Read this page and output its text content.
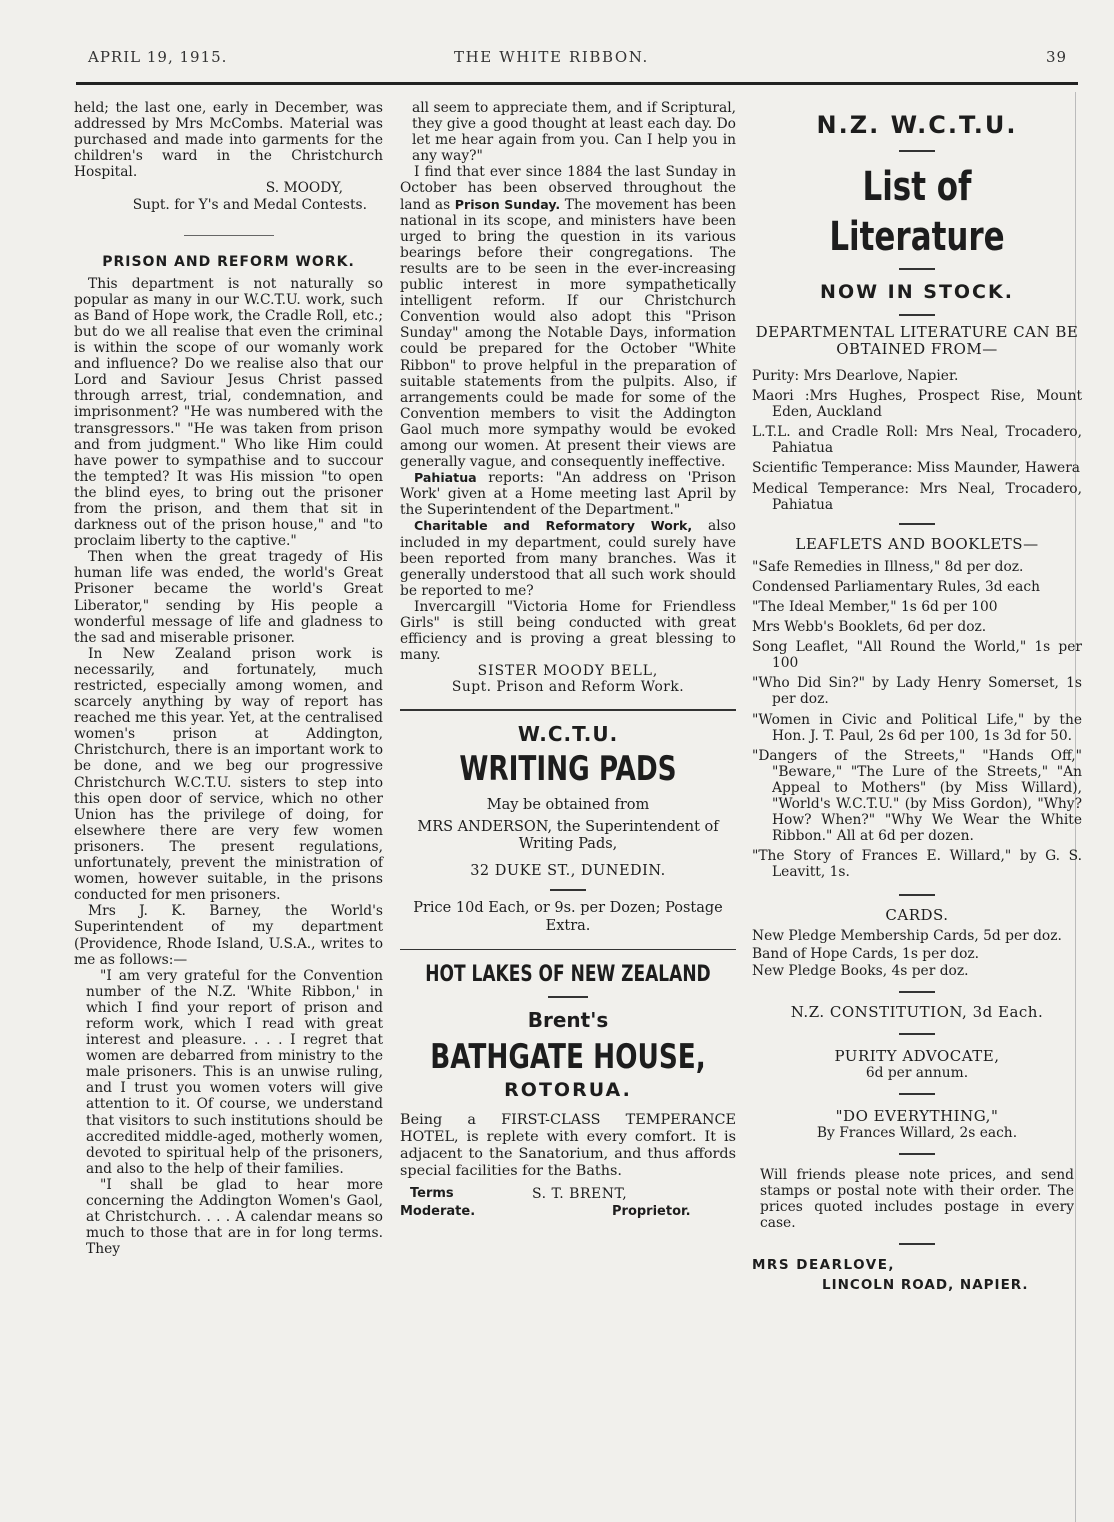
APRIL 19, 1915.	THE WHITE RIBBON.	39

held; the last one, early in December, was addressed by Mrs McCombs. Material was purchased and made into garments for the children's ward in the Christchurch Hospital.

S. MOODY,

Supt. for Y's and Medal Contests.

PRISON AND REFORM WORK.

This department is not naturally so popular as many in our W.C.T.U. work, such as Band of Hope work, the Cradle Roll, etc.; but do we all realise that even the criminal is within the scope of our womanly work and influence? Do we realise also that our Lord and Saviour Jesus Christ passed through arrest, trial, condemnation, and imprisonment? "He was numbered with the transgressors." "He was taken from prison and from judgment." Who like Him could have power to sympathise and to succour the tempted? It was His mission "to open the blind eyes, to bring out the prisoner from the prison, and them that sit in darkness out of the prison house," and "to proclaim liberty to the captive."

Then when the great tragedy of His human life was ended, the world's Great Prisoner became the world's Great Liberator," sending by His people a wonderful message of life and gladness to the sad and miserable prisoner.

In New Zealand prison work is necessarily, and fortunately, much restricted, especially among women, and scarcely anything by way of report has reached me this year. Yet, at the centralised women's prison at Addington, Christchurch, there is an important work to be done, and we beg our progressive Christchurch W.C.T.U. sisters to step into this open door of service, which no other Union has the privilege of doing, for elsewhere there are very few women prisoners. The present regulations, unfortunately, prevent the ministration of women, however suitable, in the prisons conducted for men prisoners.

Mrs J. K. Barney, the World's Superintendent of my department (Providence, Rhode Island, U.S.A., writes to me as follows:—

"I am very grateful for the Convention number of the N.Z. 'White Ribbon,' in which I find your report of prison and reform work, which I read with great interest and pleasure. . . . I regret that women are debarred from ministry to the male prisoners. This is an unwise ruling, and I trust you women voters will give attention to it. Of course, we understand that visitors to such institutions should be accredited middle-aged, motherly women, devoted to spiritual help of the prisoners, and also to the help of their families.

"I shall be glad to hear more concerning the Addington Women's Gaol, at Christchurch. . . . A calendar means so much to those that are in for long terms. They

all seem to appreciate them, and if Scriptural, they give a good thought at least each day. Do let me hear again from you. Can I help you in any way?"

I find that ever since 1884 the last Sunday in October has been observed throughout the land as Prison Sunday. The movement has been national in its scope, and ministers have been urged to bring the question in its various bearings before their congregations. The results are to be seen in the ever-increasing public interest in more sympathetically intelligent reform. If our Christchurch Convention would also adopt this "Prison Sunday" among the Notable Days, information could be prepared for the October "White Ribbon" to prove helpful in the preparation of suitable statements from the pulpits. Also, if arrangements could be made for some of the Convention members to visit the Addington Gaol much more sympathy would be evoked among our women. At present their views are generally vague, and consequently ineffective.

Pahiatua reports: "An address on 'Prison Work' given at a Home meeting last April by the Superintendent of the Department."

Charitable and Reformatory Work, also included in my department, could surely have been reported from many branches. Was it generally understood that all such work should be reported to me?

Invercargill "Victoria Home for Friendless Girls" is still being conducted with great efficiency and is proving a great blessing to many.

SISTER MOODY BELL,

Supt. Prison and Reform Work.

W.C.T.U.

WRITING PADS

May be obtained from

MRS ANDERSON, the Superintendent of Writing Pads,

32 DUKE ST., DUNEDIN.

Price 10d Each, or 9s. per Dozen; Postage Extra.

HOT LAKES OF NEW ZEALAND

Brent's

BATHGATE HOUSE,

ROTORUA.

Being a FIRST-CLASS TEMPERANCE HOTEL, is replete with every comfort. It is adjacent to the Sanatorium, and thus affords special facilities for the Baths.

Terms
Moderate.
S. T. BRENT,
Proprietor.

N.Z. W.C.T.U.

List of Literature

NOW IN STOCK.

DEPARTMENTAL LITERATURE CAN BE OBTAINED FROM—

Purity: Mrs Dearlove, Napier.

Maori :Mrs Hughes, Prospect Rise, Mount Eden, Auckland

L.T.L. and Cradle Roll: Mrs Neal, Trocadero, Pahiatua

Scientific Temperance: Miss Maunder, Hawera

Medical Temperance: Mrs Neal, Trocadero, Pahiatua

LEAFLETS AND BOOKLETS—

"Safe Remedies in Illness," 8d per doz.

Condensed Parliamentary Rules, 3d each

"The Ideal Member," 1s 6d per 100

Mrs Webb's Booklets, 6d per doz.

Song Leaflet, "All Round the World," 1s per 100

"Who Did Sin?" by Lady Henry Somerset, 1s per doz.

"Women in Civic and Political Life," by the Hon. J. T. Paul, 2s 6d per 100, 1s 3d for 50.

"Dangers of the Streets," "Hands Off," "Beware," "The Lure of the Streets," "An Appeal to Mothers" (by Miss Willard), "World's W.C.T.U." (by Miss Gordon), "Why? How? When?" "Why We Wear the White Ribbon." All at 6d per dozen.

"The Story of Frances E. Willard," by G. S. Leavitt, 1s.

CARDS.

New Pledge Membership Cards, 5d per doz.

Band of Hope Cards, 1s per doz.

New Pledge Books, 4s per doz.

N.Z. CONSTITUTION, 3d Each.

PURITY ADVOCATE,

6d per annum.

"DO EVERYTHING,"

By Frances Willard, 2s each.

Will friends please note prices, and send stamps or postal note with their order. The prices quoted includes postage in every case.

MRS DEARLOVE,

LINCOLN ROAD, NAPIER.
